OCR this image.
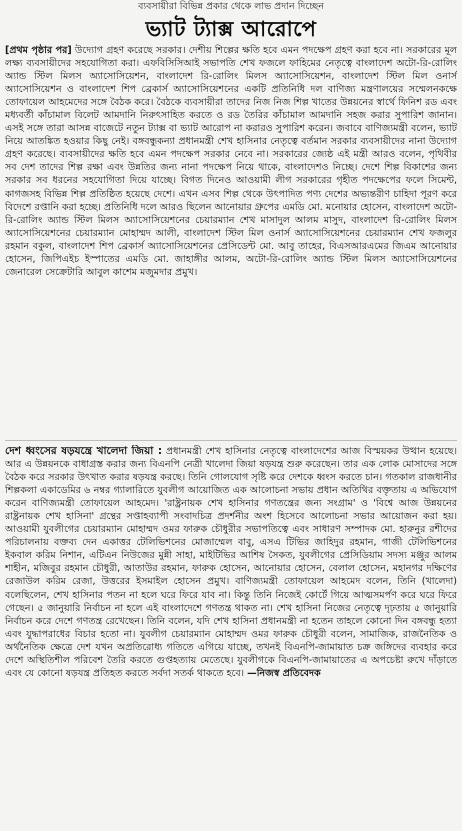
ব্যবসায়ীরা বিভিন্ন প্রকার থেকে লাভ প্রদান দিচ্ছেন
ভ্যাট ট্যাক্স আরোপে

[প্রথম পৃষ্ঠার পর] উদ্যোগ গ্রহণ করেছে সরকার। দেশীয় শিল্পের ক্ষতি হবে এমন পদক্ষেপ গ্রহণ করা হবে না। সরকারের মূল লক্ষ্য ব্যবসায়ীদের সহযোগিতা করা। এফবিসিসিআই সভাপতি শেখ ফজলে ফাহিমের নেতৃত্বে বাংলাদেশ অটো-রি-রোলিং অ্যান্ড স্টিল মিলস অ্যাসোসিয়েশন, বাংলাদেশ রি-রোলিং মিলস অ্যাসোসিয়েশন, বাংলাদেশ স্টিল মিল ওনার্স অ্যাসোসিয়েশন ও বাংলাদেশ শিপ ব্রেকার্স অ্যাসোসিয়েশনের একটি প্রতিনিধি দল বাণিজ্য মন্ত্রণালয়ের সম্মেলনকক্ষে তোফায়েল আহমেদের সঙ্গে বৈঠক করে। বৈঠকে ব্যবসায়ীরা তাদের নিজ নিজ শিল্প খাতের উন্নয়নের স্বার্থে ফিনিশ রড এবং মধ্যবর্তী কাঁচামাল বিলেট আমদানি নিরুৎসাহিত করতে ও রড তৈরির কাঁচামাল আমদানি সহজ করার সুপারিশ জানান। এসই সঙ্গে তারা আসন্ন বাজেটে নতুন ট্যাক্স বা ভ্যাট আরোপ না করারও সুপারিশ করেন। জবাবে বাণিজ্যমন্ত্রী বলেন, ভ্যাট নিয়ে আতঙ্কিত হওয়ার কিছু নেই। বঙ্গবন্ধুকন্যা প্রধানমন্ত্রী শেখ হাসিনার নেতৃত্বে বর্তমান সরকার ব্যবসায়ীদের নানা উদ্যোগ গ্রহণ করেছে। ব্যবসায়ীদের ক্ষতি হবে এমন পদক্ষেপ সরকার নেবে না। সরকারের জ্যেষ্ঠ এই মন্ত্রী আরও বলেন, পৃথিবীর সব দেশ তাদের শিল্প রক্ষা এবং উন্নতির জন্য নানা পদক্ষেপ নিয়ে থাকে, বাংলাদেশও নিচ্ছে। দেশে শিল্প বিকাশের জন্য সরকার সব ধরনের সহযোগিতা দিয়ে যাচ্ছে। বিগত দিনেও আওয়ামী লীগ সরকারের গৃহীত পদক্ষেপের ফলে সিমেন্ট, কাগজসহ বিভিন্ন শিল্প প্রতিষ্ঠিত হয়েছে দেশে। এখন এসব শিল্প থেকে উৎপাদিত পণ্য দেশের অভ্যন্তরীণ চাহিদা পূরণ করে বিদেশে রপ্তানি করা হচ্ছে। প্রতিনিধি দলে আরও ছিলেন আনোয়ার গ্রুপের এমডি মো. মনোয়ার হোসেন, বাংলাদেশ অটো-রি-রোলিং অ্যান্ড স্টিল মিলস অ্যাসোসিয়েশনের চেয়ারম্যান শেখ মাসাদুল আলম মাসুদ, বাংলাদেশ রি-রোলিং মিলস অ্যাসোসিয়েশনের চেয়ারম্যান মোহাম্মদ আলী, বাংলাদেশ স্টিল মিল ওনার্স অ্যাসোসিয়েশনের চেয়ারম্যান শেখ ফজলুর রহমান বকুল, বাংলাদেশ শিপ ব্রেকার্স অ্যাসোসিয়েশনের প্রেসিডেন্ট মো. আবু তাহের, বিএসআরএমের জিএম আনোয়ার হোসেন, জিপিএইচ ইস্পাতের এমডি মো. জাহাঙ্গীর আলম, অটো-রি-রোলিং অ্যান্ড স্টিল মিলস অ্যাসোসিয়েশনের জেনারেল সেক্রেটারি আবুল কাশেম মজুমদার প্রমুখ।

দেশ ধ্বংসের ষড়যন্ত্রে খালেদা জিয়া : প্রধানমন্ত্রী শেখ হাসিনার নেতৃত্বে বাংলাদেশের আজ বিস্ময়কর উত্থান হয়েছে। আর এ উন্নয়নকে বাধাগ্রস্ত করার জন্য বিএনপি নেত্রী খালেদা জিয়া ষড়যন্ত্র শুরু করেছেন। তার এক লোক মোসাদের সঙ্গে বৈঠক করে সরকার উৎখাত করার ষড়যন্ত্র করছে। তিনি গোলযোগ সৃষ্টি করে দেশকে ধ্বংস করতে চান। গতকাল রাজধানীর শিল্পকলা একাডেমির ৬ নম্বর গ্যালারিতে যুবলীগ আয়োজিত এক আলোচনা সভায় প্রধান অতিথির বক্তৃতায় এ অভিযোগ করেন বাণিজ্যমন্ত্রী তোফায়েল আহমেদ। 'রাষ্ট্রনায়ক শেখ হাসিনার গণতন্ত্রের জন্য সংগ্রাম' ও 'বিশ্বে আজ উন্নয়নের রাষ্ট্রনায়ক শেখ হাসিনা' গ্রন্থের সপ্তাহব্যাপী সংবাদচিত্র প্রদর্শনীর অংশ হিসেবে আলোচনা সভার আয়োজন করা হয়। আওয়ামী যুবলীগের চেয়ারম্যান মোহাম্মদ ওমর ফারুক চৌধুরীর সভাপতিত্বে এবং সাধারণ সম্পাদক মো. হারুনুর রশীদের পরিচালনায় বক্তব্য দেন একাত্তর টেলিভিশনের মোজাম্মেল বাবু, এসএ টিভির জাহিদুর রহমান, গাজী টেলিভিশনের ইকবাল করিম নিশান, এটিএন নিউজের মুন্নী সাহা, মাইটিভির আশিষ সৈকত, যুবলীগের প্রেসিডিয়াম সদস্য মঞ্জুর আলম শাহীন, মজিবুর রহমান চৌধুরী, আতাউর রহমান, ফারুক হোসেন, আনোয়ার হোসেন, বেলাল হোসেন, মহানগর দক্ষিণের রেজাউল করিম রেজা, উত্তরের ইসমাইল হোসেন প্রমুখ। বাণিজ্যমন্ত্রী তোফায়েল আহমেদ বলেন, তিনি (খালেদা) বলেছিলেন, শেখ হাসিনার পতন না হলে ঘরে ফিরে যাব না। কিন্তু তিনি নিজেই কোর্টে গিয়ে আত্মসমর্পণ করে ঘরে ফিরে গেছেন। ৫ জানুয়ারি নির্বাচন না হলে এই বাংলাদেশে গণতন্ত্র থাকত না। শেখ হাসিনা নিজের নেতৃত্বে দৃঢ়তায় ৫ জানুয়ারি নির্বাচন করে দেশে গণতন্ত্র রেখেছেন। তিনি বলেন, যদি শেখ হাসিনা প্রধানমন্ত্রী না হতেন তাহলে কোনো দিন বঙ্গবন্ধু হত্যা এবং যুদ্ধাপরাধের বিচার হতো না। যুবলীগ চেয়ারম্যান মোহাম্মদ ওমর ফারুক চৌধুরী বলেন, সামাজিক, রাজনৈতিক ও অর্থনৈতিক ক্ষেত্রে দেশ যখন অপ্রতিরোধ্য গতিতে এগিয়ে যাচ্ছে, তখনই বিএনপি-জামায়াত চক্র জঙ্গিদের ব্যবহার করে দেশে অস্থিতিশীল পরিবেশ তৈরি করতে গুপ্তহত্যায় মেতেছে। যুবলীগকে বিএনপি-জামায়াতের এ অপচেষ্টা রুখে দাঁড়াতে এবং যে কোনো ষড়যন্ত্র প্রতিহত করতে সর্বদা সতর্ক থাকতে হবে। —নিজস্ব প্রতিবেদক
